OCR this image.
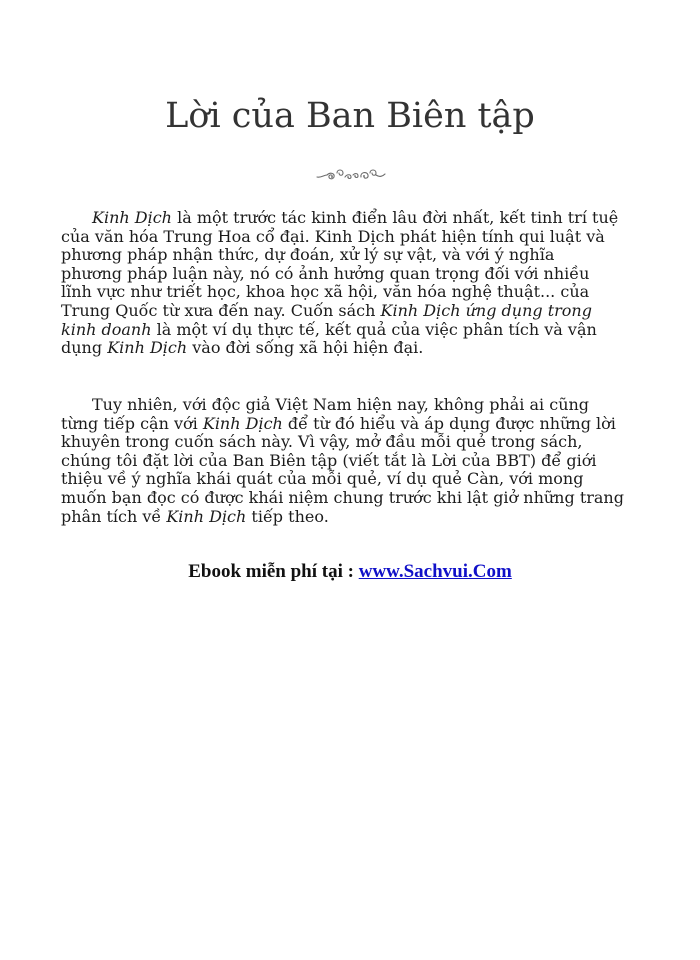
Lời của Ban Biên tập
Kinh Dịch là một trước tác kinh điển lâu đời nhất, kết tinh trí tuệ
của văn hóa Trung Hoa cổ đại. Kinh Dịch phát hiện tính qui luật và
phương pháp nhận thức, dự đoán, xử lý sự vật, và với ý nghĩa
phương pháp luận này, nó có ảnh hưởng quan trọng đối với nhiều
lĩnh vực như triết học, khoa học xã hội, văn hóa nghệ thuật... của
Trung Quốc từ xưa đến nay. Cuốn sách Kinh Dịch ứng dụng trong
kinh doanh là một ví dụ thực tế, kết quả của việc phân tích và vận
dụng Kinh Dịch vào đời sống xã hội hiện đại.
Tuy nhiên, với độc giả Việt Nam hiện nay, không phải ai cũng
từng tiếp cận với Kinh Dịch để từ đó hiểu và áp dụng được những lời
khuyên trong cuốn sách này. Vì vậy, mở đầu mỗi quẻ trong sách,
chúng tôi đặt lời của Ban Biên tập (viết tắt là Lời của BBT) để giới
thiệu về ý nghĩa khái quát của mỗi quẻ, ví dụ quẻ Càn, với mong
muốn bạn đọc có được khái niệm chung trước khi lật giở những trang
phân tích về Kinh Dịch tiếp theo.
Ebook miễn phí tại : www.Sachvui.Com
